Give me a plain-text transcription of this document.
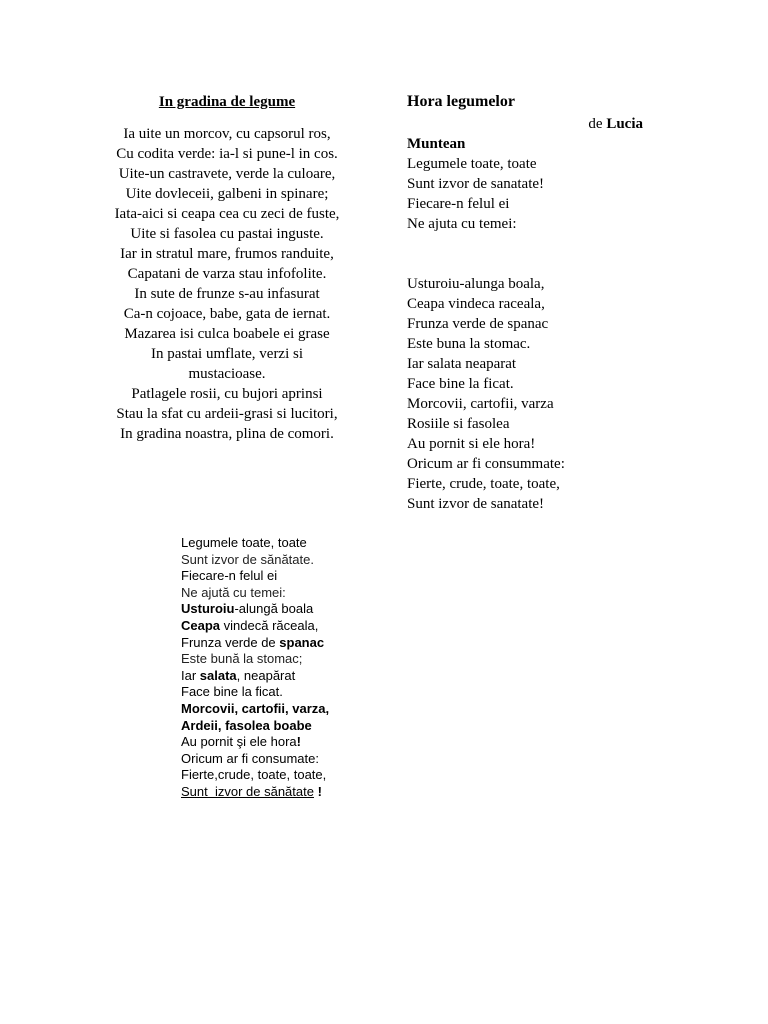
In gradina de legume
Ia uite un morcov, cu capsorul ros,
Cu codita verde: ia-l si pune-l in cos.
Uite-un castravete, verde la culoare,
Uite dovleceii, galbeni in spinare;
Iata-aici si ceapa cea cu zeci de fuste,
Uite si fasolea cu pastai inguste.
Iar in stratul mare, frumos randuite,
Capatani de varza stau infofolite.
In sute de frunze s-au infasurat
Ca-n cojoace, babe, gata de iernat.
Mazarea isi culca boabele ei grase
In pastai umflate, verzi si
mustacioase.
Patlagele rosii, cu bujori aprinsi
Stau la sfat cu ardeii-grasi si lucitori,
In gradina noastra, plina de comori.
Hora legumelor
de Lucia
Muntean
Legumele toate, toate
Sunt izvor de sanatate!
Fiecare-n felul ei
Ne ajuta cu temei:
Usturoiu-alunga boala,
Ceapa vindeca raceala,
Frunza verde de spanac
Este buna la stomac.
Iar salata neaparat
Face bine la ficat.
Morcovii, cartofii, varza
Rosiile si fasolea
Au pornit si ele hora!
Oricum ar fi consummate:
Fierte, crude, toate, toate,
Sunt izvor de sanatate!
Legumele toate, toate
Sunt izvor de sănătate.
Fiecare-n felul ei
Ne ajută cu temei:
Usturoiu-alungă boala
Ceapa vindecă răceala,
Frunza verde de spanac
Este bună la stomac;
Iar salata, neapărat
Face bine la ficat.
Morcovii, cartofii, varza,
Ardeii, fasolea boabe
Au pornit şi ele hora!
Oricum ar fi consumate:
Fierte,crude, toate, toate,
Sunt  izvor de sănătate !
